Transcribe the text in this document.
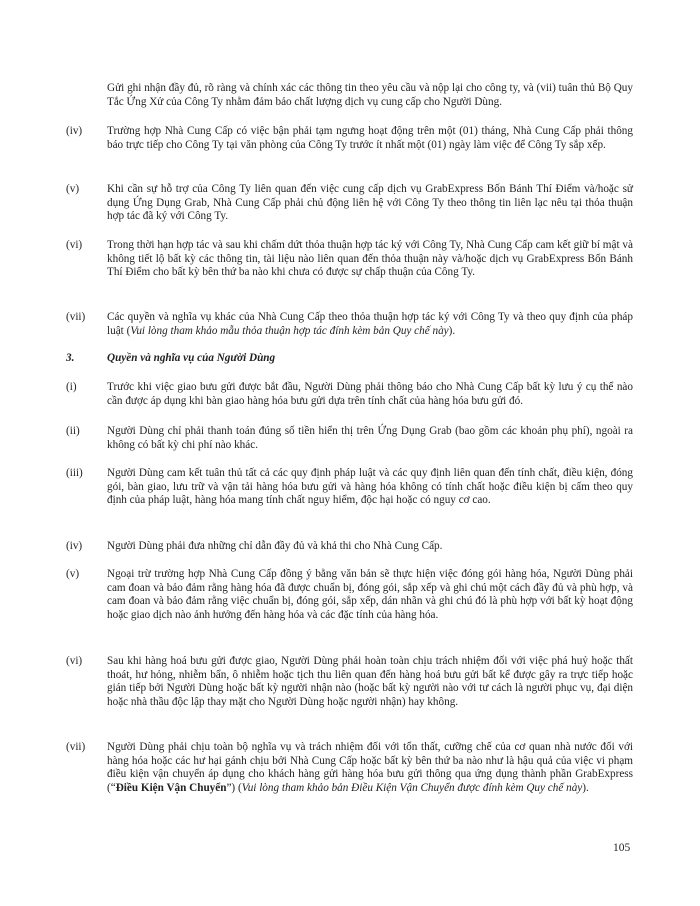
Gửi ghi nhận đầy đủ, rõ ràng và chính xác các thông tin theo yêu cầu và nộp lại cho công ty, và (vii) tuân thủ Bộ Quy Tắc Ứng Xử của Công Ty nhằm đảm bảo chất lượng dịch vụ cung cấp cho Người Dùng.
(iv)	Trường hợp Nhà Cung Cấp có việc bận phải tạm ngưng hoạt động trên một (01) tháng, Nhà Cung Cấp phải thông báo trực tiếp cho Công Ty tại văn phòng của Công Ty trước ít nhất một (01) ngày làm việc để Công Ty sắp xếp.
(v)	Khi cần sự hỗ trợ của Công Ty liên quan đến việc cung cấp dịch vụ GrabExpress Bốn Bánh Thí Điểm và/hoặc sử dụng Ứng Dụng Grab, Nhà Cung Cấp phải chủ động liên hệ với Công Ty theo thông tin liên lạc nêu tại thỏa thuận hợp tác đã ký với Công Ty.
(vi)	Trong thời hạn hợp tác và sau khi chấm dứt thỏa thuận hợp tác ký với Công Ty, Nhà Cung Cấp cam kết giữ bí mật và không tiết lộ bất kỳ các thông tin, tài liệu nào liên quan đến thỏa thuận này và/hoặc dịch vụ GrabExpress Bốn Bánh Thí Điểm cho bất kỳ bên thứ ba nào khi chưa có được sự chấp thuận của Công Ty.
(vii)	Các quyền và nghĩa vụ khác của Nhà Cung Cấp theo thỏa thuận hợp tác ký với Công Ty và theo quy định của pháp luật (Vui lòng tham khảo mẫu thỏa thuận hợp tác đính kèm bản Quy chế này).
3.	Quyền và nghĩa vụ của Người Dùng
(i)	Trước khi việc giao bưu gửi được bắt đầu, Người Dùng phải thông báo cho Nhà Cung Cấp bất kỳ lưu ý cụ thể nào cần được áp dụng khi bàn giao hàng hóa bưu gửi dựa trên tính chất của hàng hóa bưu gửi đó.
(ii)	Người Dùng chỉ phải thanh toán đúng số tiền hiển thị trên Ứng Dụng Grab (bao gồm các khoản phụ phí), ngoài ra không có bất kỳ chi phí nào khác.
(iii)	Người Dùng cam kết tuân thủ tất cả các quy định pháp luật và các quy định liên quan đến tính chất, điều kiện, đóng gói, bàn giao, lưu trữ và vận tải hàng hóa bưu gửi và hàng hóa không có tính chất hoặc điều kiện bị cấm theo quy định của pháp luật, hàng hóa mang tính chất nguy hiểm, độc hại hoặc có nguy cơ cao.
(iv)	Người Dùng phải đưa những chỉ dẫn đầy đủ và khả thi cho Nhà Cung Cấp.
(v)	Ngoại trừ trường hợp Nhà Cung Cấp đồng ý bằng văn bản sẽ thực hiện việc đóng gói hàng hóa, Người Dùng phải cam đoan và bảo đảm rằng hàng hóa đã được chuẩn bị, đóng gói, sắp xếp và ghi chú một cách đầy đủ và phù hợp, và cam đoan và bảo đảm rằng việc chuẩn bị, đóng gói, sắp xếp, dán nhãn và ghi chú đó là phù hợp với bất kỳ hoạt động hoặc giao dịch nào ảnh hưởng đến hàng hóa và các đặc tính của hàng hóa.
(vi)	Sau khi hàng hoá bưu gửi được giao, Người Dùng phải hoàn toàn chịu trách nhiệm đối với việc phá huỷ hoặc thất thoát, hư hỏng, nhiễm bẩn, ô nhiễm hoặc tịch thu liên quan đến hàng hoá bưu gửi bất kể được gây ra trực tiếp hoặc gián tiếp bởi Người Dùng hoặc bất kỳ người nhận nào (hoặc bất kỳ người nào với tư cách là người phục vụ, đại diện hoặc nhà thầu độc lập thay mặt cho Người Dùng hoặc người nhận) hay không.
(vii)	Người Dùng phải chịu toàn bộ nghĩa vụ và trách nhiệm đối với tổn thất, cưỡng chế của cơ quan nhà nước đối với hàng hóa hoặc các hư hại gánh chịu bởi Nhà Cung Cấp hoặc bất kỳ bên thứ ba nào như là hậu quả của việc vi phạm điều kiện vận chuyển áp dụng cho khách hàng gửi hàng hóa bưu gửi thông qua ứng dụng thành phần GrabExpress (“Điều Kiện Vận Chuyển”) (Vui lòng tham khảo bản Điều Kiện Vận Chuyển được đính kèm Quy chế này).
105
